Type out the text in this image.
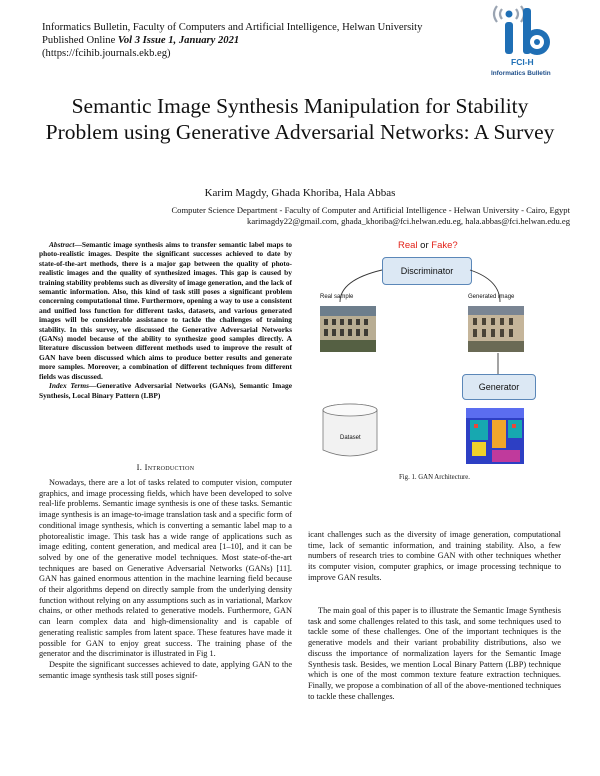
Informatics Bulletin, Faculty of Computers and Artificial Intelligence, Helwan University
Published Online Vol 3 Issue 1, January 2021
(https://fcihib.journals.ekb.eg)
FCI-H
Informatics Bulletin
Semantic Image Synthesis Manipulation for Stability Problem using Generative Adversarial Networks: A Survey
Karim Magdy, Ghada Khoriba, Hala Abbas
Computer Science Department - Faculty of Computer and Artificial Intelligence - Helwan University - Cairo, Egypt
karimagdy22@gmail.com, ghada_khoriba@fci.helwan.edu.eg, hala.abbas@fci.helwan.edu.eg
Abstract—Semantic image synthesis aims to transfer semantic label maps to photo-realistic images. Despite the significant successes achieved to date by state-of-the-art methods, there is a major gap between the quality of photo-realistic images and the quality of synthesized images. This gap is caused by training stability problems such as diversity of image generation, and the lack of semantic information. Also, this kind of task still poses a significant problem concerning computational time. Furthermore, opening a way to use a consistent and unified loss function for different tasks, datasets, and various generated images will be considerable assistance to tackle the challenges of training stability. In this survey, we discussed the Generative Adversarial Networks (GANs) model because of the ability to synthesize good samples directly. A literature discussion between different methods used to improve the result of GAN have been discussed which aims to produce better results and generate more samples. Moreover, a combination of different techniques from different fields was discussed.
Index Terms—Generative Adversarial Networks (GANs), Semantic Image Synthesis, Local Binary Pattern (LBP)
I. Introduction
Nowadays, there are a lot of tasks related to computer vision, computer graphics, and image processing fields, which have been developed to solve real-life problems. Semantic image synthesis is one of these tasks. Semantic image synthesis is an image-to-image translation task and a specific form of conditional image synthesis, which is converting a semantic label map to a photorealistic image. This task has a wide range of applications such as image editing, content generation, and medical area [1–10], and it can be solved by one of the generative model techniques. Most state-of-the-art techniques are based on Generative Adversarial Networks (GANs) [11]. GAN has gained enormous attention in the machine learning field because of their algorithms depend on directly sample from the underlying density function without relying on any assumptions such as in variational, Markov chains, or other methods related to generative models. Furthermore, GAN can learn complex data and high-dimensionality and is capable of generating realistic samples from latent space. These features have made it possible for GAN to enjoy great success. The training phase of the generator and the discriminator is illustrated in Fig 1.
Despite the significant successes achieved to date, applying GAN to the semantic image synthesis task still poses signif-
Real or Fake?
Discriminator
Real sample	Generated image
Generator
Dataset
Fig. 1. GAN Architecture.
icant challenges such as the diversity of image generation, computational time, lack of semantic information, and training stability. Also, a few numbers of research tries to combine GAN with other techniques whether its computer vision, computer graphics, or image processing technique to improve GAN results.
The main goal of this paper is to illustrate the Semantic Image Synthesis task and some challenges related to this task, and some techniques used to tackle some of these challenges. One of the important techniques is the generative models and their variant probability distributions, also we discuss the importance of normalization layers for the Semantic Image Synthesis task. Besides, we mention Local Binary Pattern (LBP) technique which is one of the most common texture feature extraction techniques. Finally, we propose a combination of all of the above-mentioned techniques to tackle these challenges.
